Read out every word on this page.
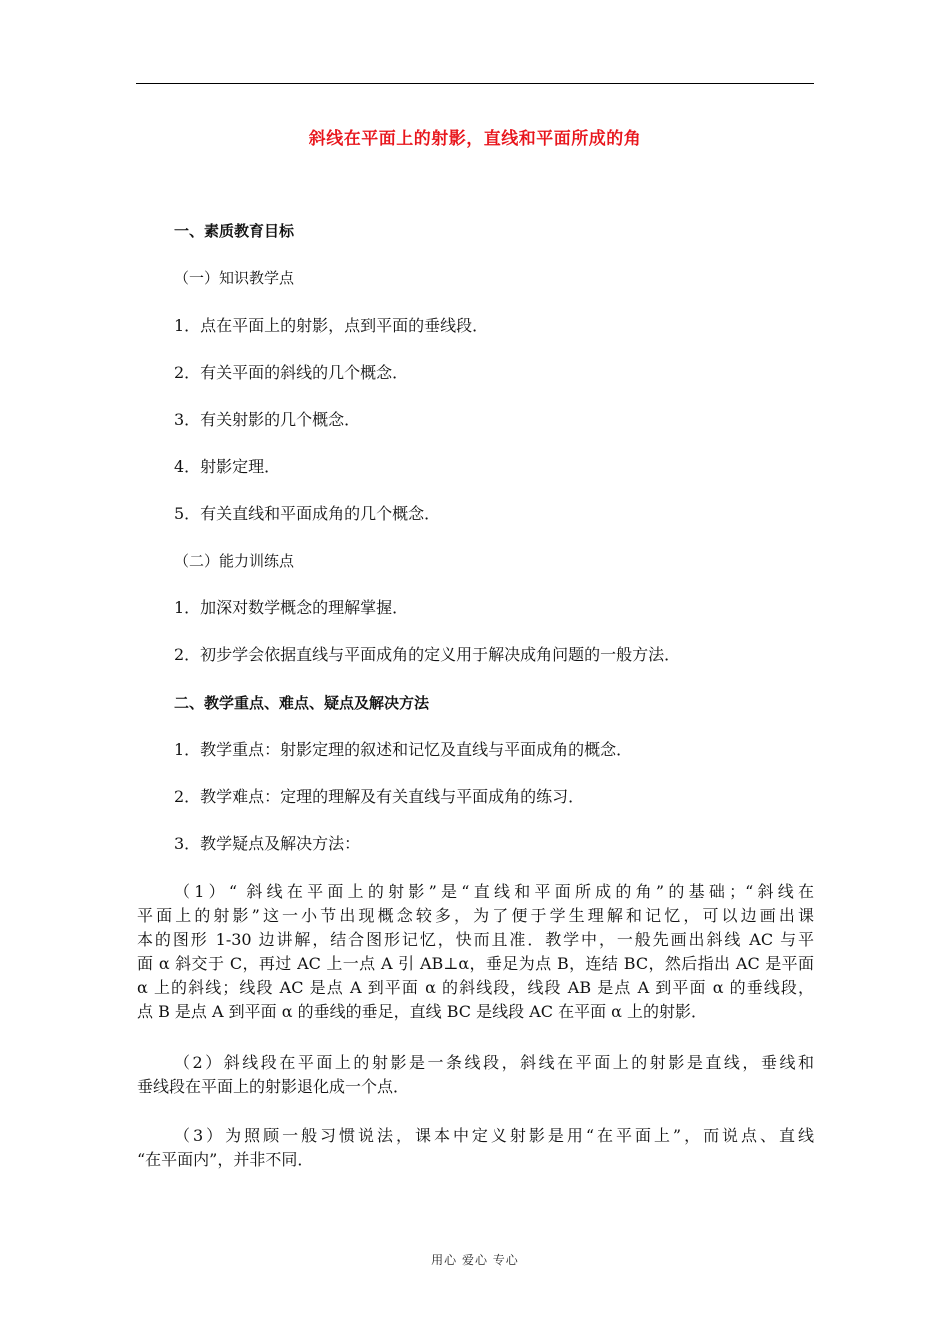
斜线在平面上的射影，直线和平面所成的角
一、素质教育目标
（一）知识教学点
1．点在平面上的射影，点到平面的垂线段．
2．有关平面的斜线的几个概念．
3．有关射影的几个概念．
4．射影定理．
5．有关直线和平面成角的几个概念．
（二）能力训练点
1．加深对数学概念的理解掌握．
2．初步学会依据直线与平面成角的定义用于解决成角问题的一般方法．
二、教学重点、难点、疑点及解决方法
1．教学重点：射影定理的叙述和记忆及直线与平面成角的概念．
2．教学难点：定理的理解及有关直线与平面成角的练习．
3．教学疑点及解决方法：
（1）“ 斜线在平面上的射影”是“直线和平面所成的角”的基础；“斜线在
平面上的射影”这一小节出现概念较多，为了便于学生理解和记忆，可以边画出课
本的图形 1-30 边讲解，结合图形记忆，快而且准．教学中，一般先画出斜线 AC 与平
面 α 斜交于 C，再过 AC 上一点 A 引 AB⊥α，垂足为点 B，连结 BC，然后指出 AC 是平面
α 上的斜线；线段 AC 是点 A 到平面 α 的斜线段，线段 AB 是点 A 到平面 α 的垂线段，
点 B 是点 A 到平面 α 的垂线的垂足，直线 BC 是线段 AC 在平面 α 上的射影．
（2）斜线段在平面上的射影是一条线段，斜线在平面上的射影是直线，垂线和
垂线段在平面上的射影退化成一个点．
（3）为照顾一般习惯说法，课本中定义射影是用“在平面上”，而说点、直线
“在平面内”，并非不同．
用心 爱心 专心
